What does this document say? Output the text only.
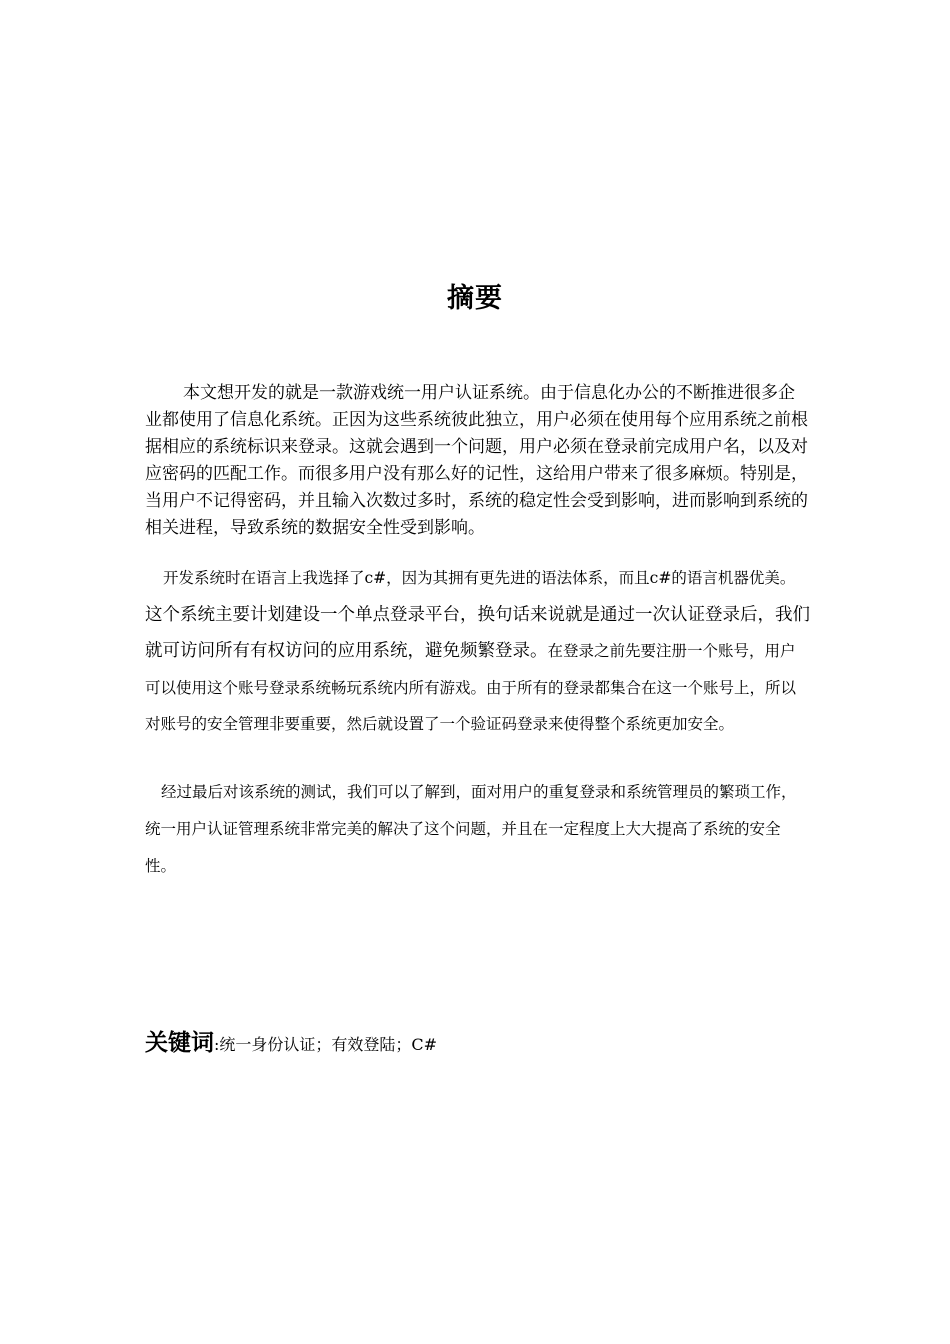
摘要

本文想开发的就是一款游戏统一用户认证系统。由于信息化办公的不断推进很多企业都使用了信息化系统。正因为这些系统彼此独立，用户必须在使用每个应用系统之前根据相应的系统标识来登录。这就会遇到一个问题，用户必须在登录前完成用户名，以及对应密码的匹配工作。而很多用户没有那么好的记性，这给用户带来了很多麻烦。特别是，当用户不记得密码，并且输入次数过多时，系统的稳定性会受到影响，进而影响到系统的相关进程，导致系统的数据安全性受到影响。

开发系统时在语言上我选择了c#，因为其拥有更先进的语法体系，而且c#的语言机器优美。这个系统主要计划建设一个单点登录平台，换句话来说就是通过一次认证登录后，我们就可访问所有有权访问的应用系统，避免频繁登录。在登录之前先要注册一个账号，用户可以使用这个账号登录系统畅玩系统内所有游戏。由于所有的登录都集合在这一个账号上，所以对账号的安全管理非要重要，然后就设置了一个验证码登录来使得整个系统更加安全。

经过最后对该系统的测试，我们可以了解到，面对用户的重复登录和系统管理员的繁琐工作，统一用户认证管理系统非常完美的解决了这个问题，并且在一定程度上大大提高了系统的安全性。

关键词:统一身份认证；有效登陆；C#
